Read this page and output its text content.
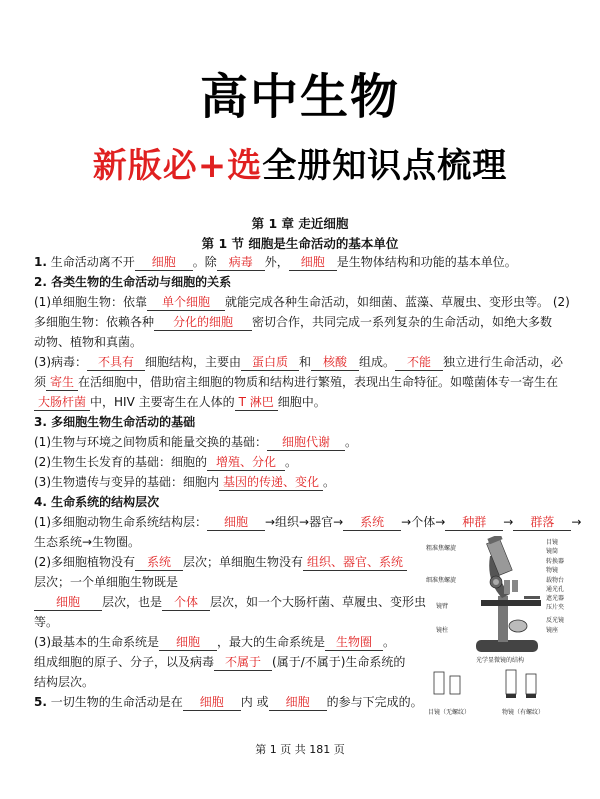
高中生物
新版必+选全册知识点梳理
第 1 章 走近细胞
第 1 节 细胞是生命活动的基本单位
1. 生命活动离不开 细胞 。除 病毒 外， 细胞 是生物体结构和功能的基本单位。
2. 各类生物的生命活动与细胞的关系
(1)单细胞生物：依靠 单个细胞 就能完成各种生命活动，如细菌、蓝藻、草履虫、变形虫等。 (2)
多细胞生物：依赖各种 分化的细胞 密切合作，共同完成一系列复杂的生命活动，如绝大多数
动物、植物和真菌。
(3)病毒： 不具有 细胞结构，主要由 蛋白质 和 核酸 组成。 不能 独立进行生命活动，必
须 寄生 在活细胞中，借助宿主细胞的物质和结构进行繁殖，表现出生命特征。如噬菌体专一寄生在
大肠杆菌 中，HIV 主要寄生在人体的 T 淋巴 细胞中。
3. 多细胞生物生命活动的基础
(1)生物与环境之间物质和能量交换的基础： 细胞代谢 。
(2)生物生长发育的基础：细胞的 增殖、分化 。
(3)生物遗传与变异的基础：细胞内 基因的传递、变化 。
4. 生命系统的结构层次
(1)多细胞动物生命系统结构层： 细胞 →组织→器官→ 系统 →个体→ 种群 → 群落 →
生态系统→生物圈。
(2)多细胞植物没有 系统 层次；单细胞生物没有 组织、器官、系统
层次；一个单细胞生物既是
细胞 层次，也是 个体 层次，如一个大肠杆菌、草履虫、变形虫
等。
(3)最基本的生命系统是 细胞 ，最大的生命系统是 生物圈 。
组成细胞的原子、分子，以及病毒 不属于 (属于/不属于)生命系统的
结构层次。
5. 一切生物的生命活动是在 细胞 内 或 细胞 的参与下完成的。
粗准焦螺旋
细准焦螺旋
镜臂
镜柱
目镜
镜筒
转换器
物镜
载物台
通光孔
遮光器
压片夹
反光镜
镜座
光学显微镜的结构
目镜（无螺纹）	物镜（有螺纹）
第 1 页 共 181 页
